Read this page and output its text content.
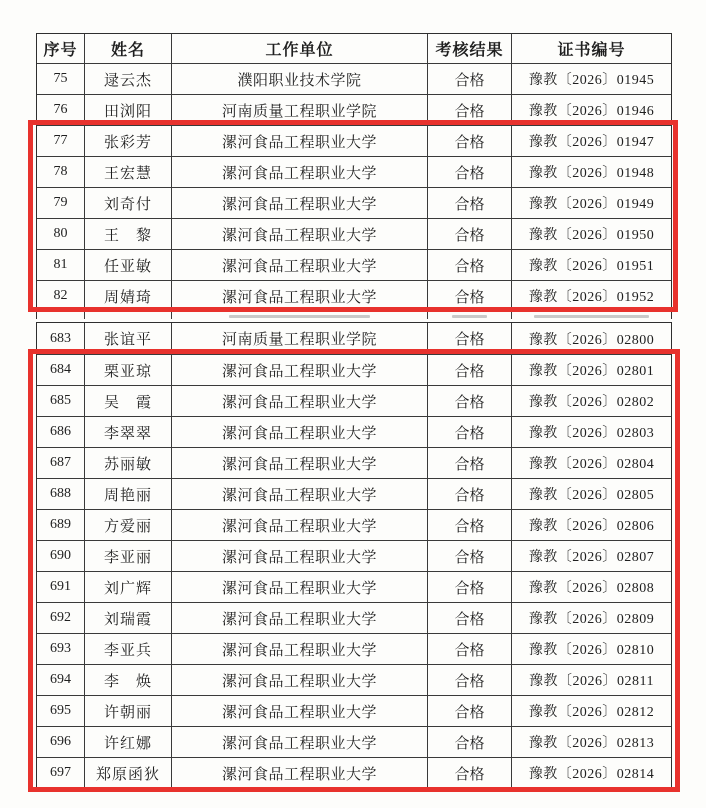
序号	姓名	工作单位	考核结果	证书编号
75	逯云杰	濮阳职业技术学院	合格	豫教〔2026〕01945
76	田浏阳	河南质量工程职业学院	合格	豫教〔2026〕01946
77	张彩芳	漯河食品工程职业大学	合格	豫教〔2026〕01947
78	王宏慧	漯河食品工程职业大学	合格	豫教〔2026〕01948
79	刘奇付	漯河食品工程职业大学	合格	豫教〔2026〕01949
80	王　黎	漯河食品工程职业大学	合格	豫教〔2026〕01950
81	任亚敏	漯河食品工程职业大学	合格	豫教〔2026〕01951
82	周婧琦	漯河食品工程职业大学	合格	豫教〔2026〕01952
683	张谊平	河南质量工程职业学院	合格	豫教〔2026〕02800
684	栗亚琼	漯河食品工程职业大学	合格	豫教〔2026〕02801
685	吴　霞	漯河食品工程职业大学	合格	豫教〔2026〕02802
686	李翠翠	漯河食品工程职业大学	合格	豫教〔2026〕02803
687	苏丽敏	漯河食品工程职业大学	合格	豫教〔2026〕02804
688	周艳丽	漯河食品工程职业大学	合格	豫教〔2026〕02805
689	方爱丽	漯河食品工程职业大学	合格	豫教〔2026〕02806
690	李亚丽	漯河食品工程职业大学	合格	豫教〔2026〕02807
691	刘广辉	漯河食品工程职业大学	合格	豫教〔2026〕02808
692	刘瑞霞	漯河食品工程职业大学	合格	豫教〔2026〕02809
693	李亚兵	漯河食品工程职业大学	合格	豫教〔2026〕02810
694	李　焕	漯河食品工程职业大学	合格	豫教〔2026〕02811
695	许朝丽	漯河食品工程职业大学	合格	豫教〔2026〕02812
696	许红娜	漯河食品工程职业大学	合格	豫教〔2026〕02813
697	郑原函狄	漯河食品工程职业大学	合格	豫教〔2026〕02814
